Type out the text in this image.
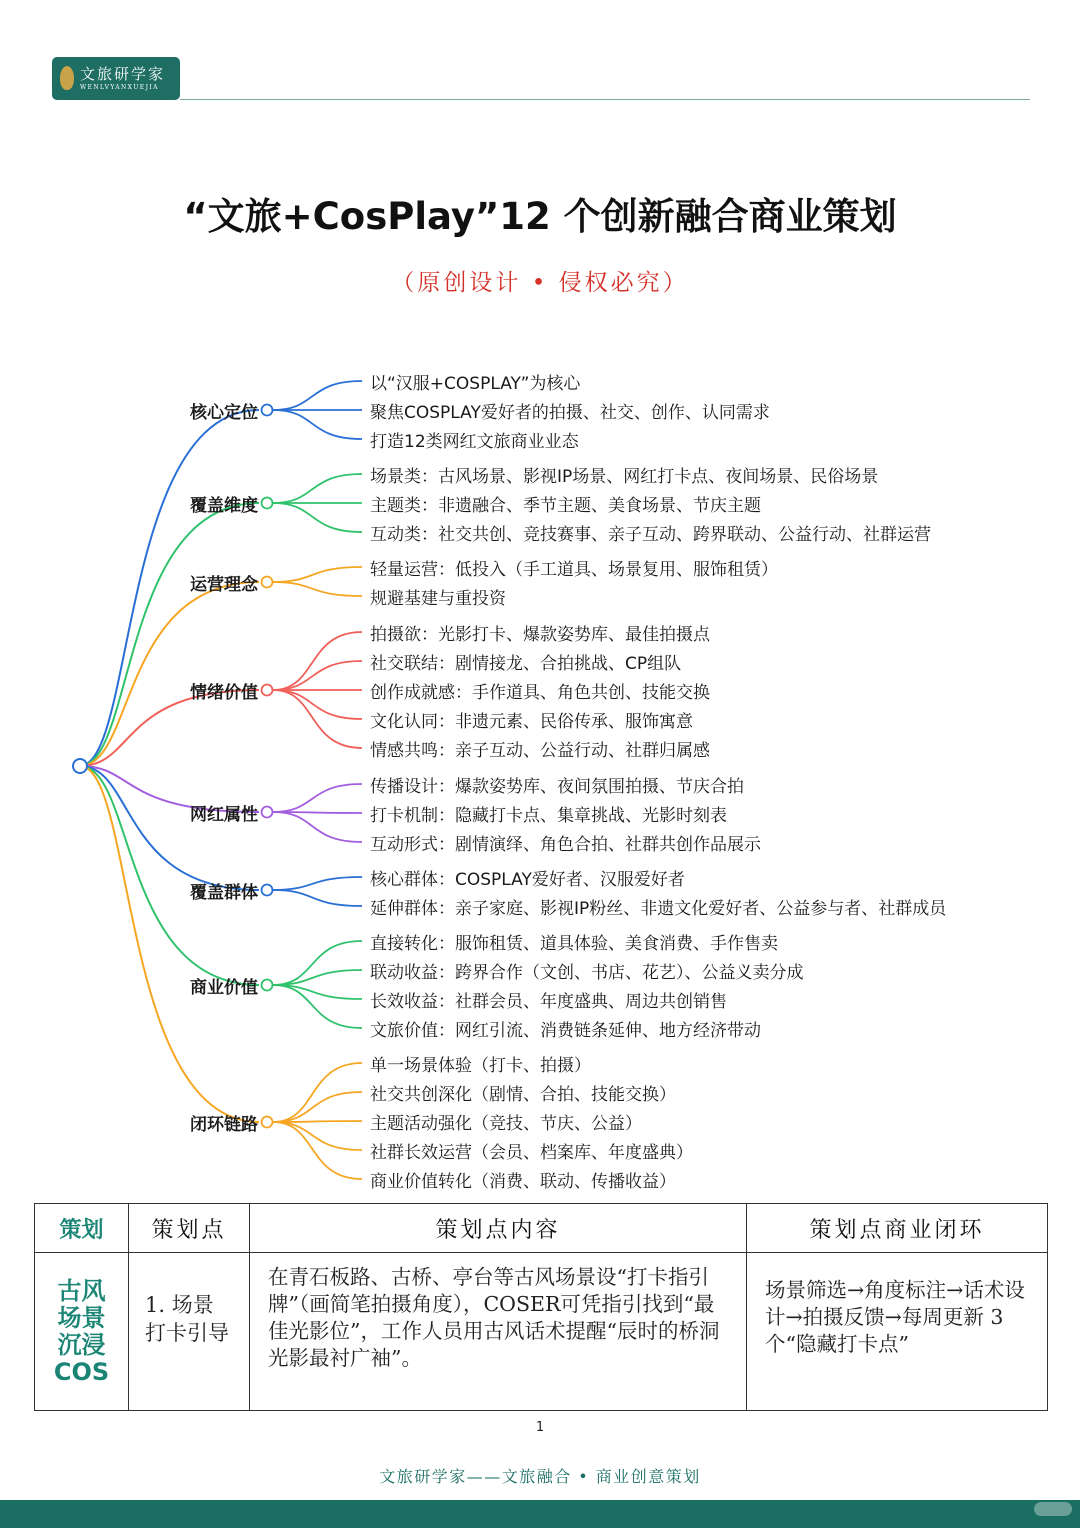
文旅研学家
WENLVYANXUEJIA
“文旅+CosPlay”12 个创新融合商业策划
（原创设计 • 侵权必究）
以“汉服+COSPLAY”为核心
聚焦COSPLAY爱好者的拍摄、社交、创作、认同需求
打造12类网红文旅商业业态
核心定位
场景类：古风场景、影视IP场景、网红打卡点、夜间场景、民俗场景
主题类：非遗融合、季节主题、美食场景、节庆主题
互动类：社交共创、竞技赛事、亲子互动、跨界联动、公益行动、社群运营
覆盖维度
轻量运营：低投入（手工道具、场景复用、服饰租赁）
规避基建与重投资
运营理念
拍摄欲：光影打卡、爆款姿势库、最佳拍摄点
社交联结：剧情接龙、合拍挑战、CP组队
创作成就感：手作道具、角色共创、技能交换
文化认同：非遗元素、民俗传承、服饰寓意
情感共鸣：亲子互动、公益行动、社群归属感
情绪价值
传播设计：爆款姿势库、夜间氛围拍摄、节庆合拍
打卡机制：隐藏打卡点、集章挑战、光影时刻表
互动形式：剧情演绎、角色合拍、社群共创作品展示
网红属性
核心群体：COSPLAY爱好者、汉服爱好者
延伸群体：亲子家庭、影视IP粉丝、非遗文化爱好者、公益参与者、社群成员
覆盖群体
直接转化：服饰租赁、道具体验、美食消费、手作售卖
联动收益：跨界合作（文创、书店、花艺）、公益义卖分成
长效收益：社群会员、年度盛典、周边共创销售
文旅价值：网红引流、消费链条延伸、地方经济带动
商业价值
单一场景体验（打卡、拍摄）
社交共创深化（剧情、合拍、技能交换）
主题活动强化（竞技、节庆、公益）
社群长效运营（会员、档案库、年度盛典）
商业价值转化（消费、联动、传播收益）
闭环链路
策划	策划点	策划点内容	策划点商业闭环

古风场景沉浸COS	1. 场景打卡引导	在青石板路、古桥、亭台等古风场景设“打卡指引牌”（画简笔拍摄角度），COSER可凭指引找到“最佳光影位”，工作人员用古风话术提醒“辰时的桥洞光影最衬广袖”。	场景筛选→角度标注→话术设计→拍摄反馈→每周更新 3 个“隐藏打卡点”
1
文旅研学家——文旅融合 • 商业创意策划
